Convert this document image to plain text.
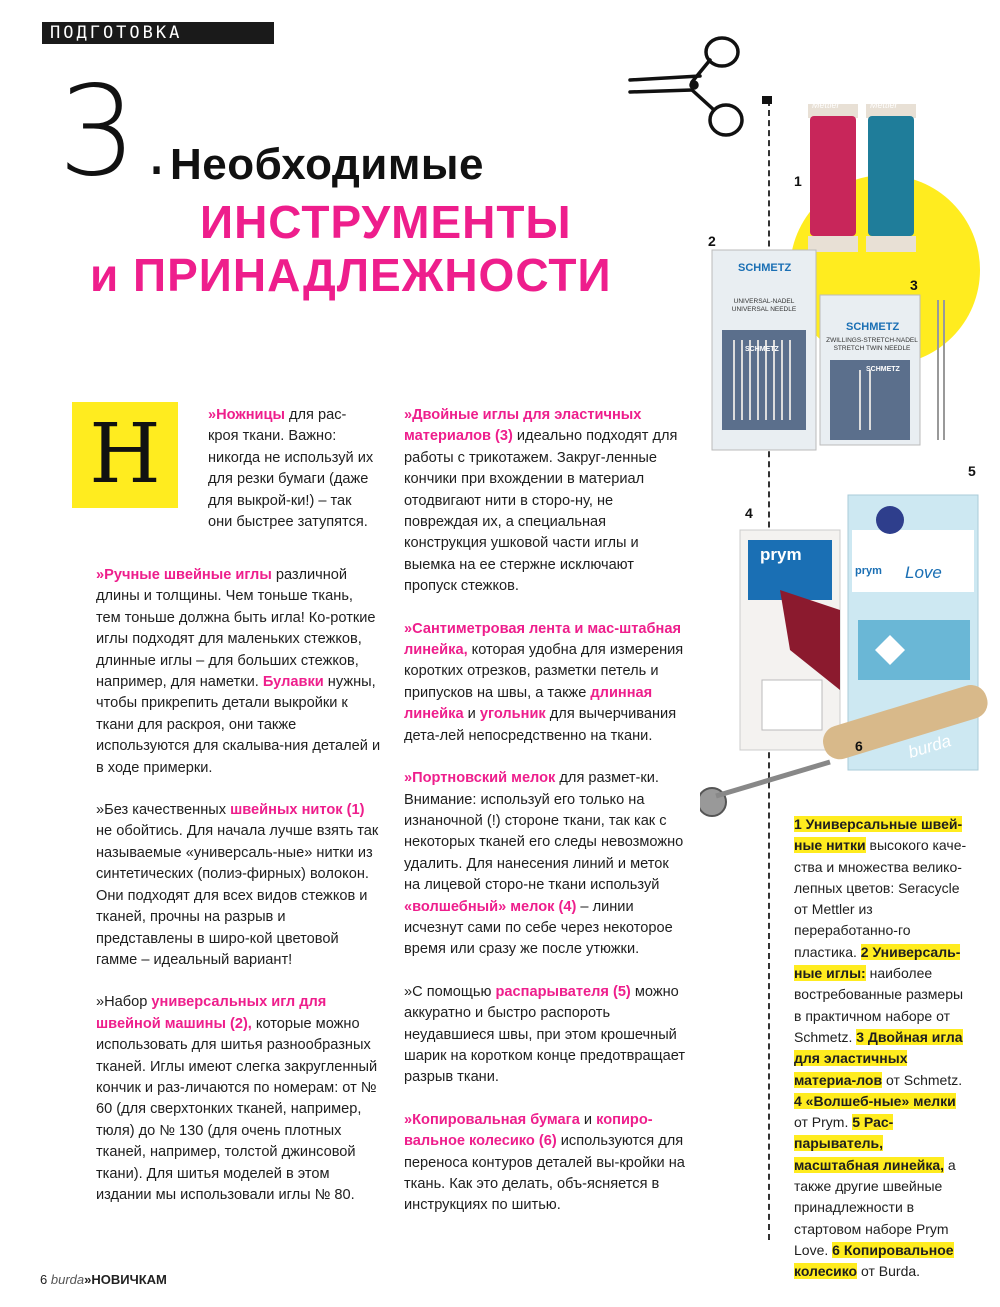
ПОДГОТОВКА
3.
Необходимые
ИНСТРУМЕНТЫ
и ПРИНАДЛЕЖНОСТИ
Н	»Ножницы для рас-кроя ткани. Важно: никогда не используй их для резки бумаги (даже для выкрой-ки!) – так они быстрее затупятся.

»Ручные швейные иглы различной длины и толщины. Чем тоньше ткань, тем тоньше должна быть игла! Ко-роткие иглы подходят для маленьких стежков, длинные иглы – для больших стежков, например, для наметки. Булавки нужны, чтобы прикрепить детали выкройки к ткани для раскроя, они также используются для скалыва-ния деталей и в ходе примерки.

»Без качественных швейных ниток (1) не обойтись. Для начала лучше взять так называемые «универсаль-ные» нитки из синтетических (полиэ-фирных) волокон. Они подходят для всех видов стежков и тканей, прочны на разрыв и представлены в широ-кой цветовой гамме – идеальный вариант!

»Набор универсальных игл для швейной машины (2), которые можно использовать для шитья разнообразных тканей. Иглы имеют слегка закругленный кончик и раз-личаются по номерам: от № 60 (для сверхтонких тканей, например, тюля) до № 130 (для очень плотных тканей, например, толстой джинсовой ткани). Для шитья моделей в этом издании мы использовали иглы № 80.

»Двойные иглы для эластичных материалов (3) идеально подходят для работы с трикотажем. Закруг-ленные кончики при вхождении в материал отодвигают нити в сторо-ну, не повреждая их, а специальная конструкция ушковой части иглы и выемка на ее стержне исключают пропуск стежков.

»Сантиметровая лента и мас-штабная линейка, которая удобна для измерения коротких отрезков, разметки петель и припусков на швы, а также длинная линейка и угольник для вычерчивания дета-лей непосредственно на ткани.

»Портновский мелок для размет-ки. Внимание: используй его только на изнаночной (!) стороне ткани, так как с некоторых тканей его следы невозможно удалить. Для нанесения линий и меток на лицевой сторо-не ткани используй «волшебный» мелок (4) – линии исчезнут сами по себе через некоторое время или сразу же после утюжки.

»С помощью распарывателя (5) можно аккуратно и быстро распороть неудавшиеся швы, при этом крошечный шарик на коротком конце предотвращает разрыв ткани.

»Копировальная бумага и копиро-вальное колесико (6) используются для переноса контуров деталей вы-кройки на ткань. Как это делать, объ-ясняется в инструкциях по шитью.

1
2
3
4
5
6
Mettler	Mettler
SCHMETZ
UNIVERSAL-NADEL UNIVERSAL NEEDLE
SCHMETZ
SCHMETZ
ZWILLINGS-STRETCH-NADEL STRETCH TWIN NEEDLE
SCHMETZ
prym
prym Love
burda
1 Универсальные швей-ные нитки высокого каче-ства и множества велико-лепных цветов: Seracycle от Mettler из переработанно-го пластика. 2 Универсаль-ные иглы: наиболее востребованные размеры в практичном наборе от Schmetz. 3 Двойная игла для эластичных материа-лов от Schmetz. 4 «Волшеб-ные» мелки от Prym. 5 Рас-парыватель, масштабная линейка, а также другие швейные принадлежности в стартовом наборе Prym Love. 6 Копировальное колесико от Burda.
6 burda»НОВИЧКАМ
